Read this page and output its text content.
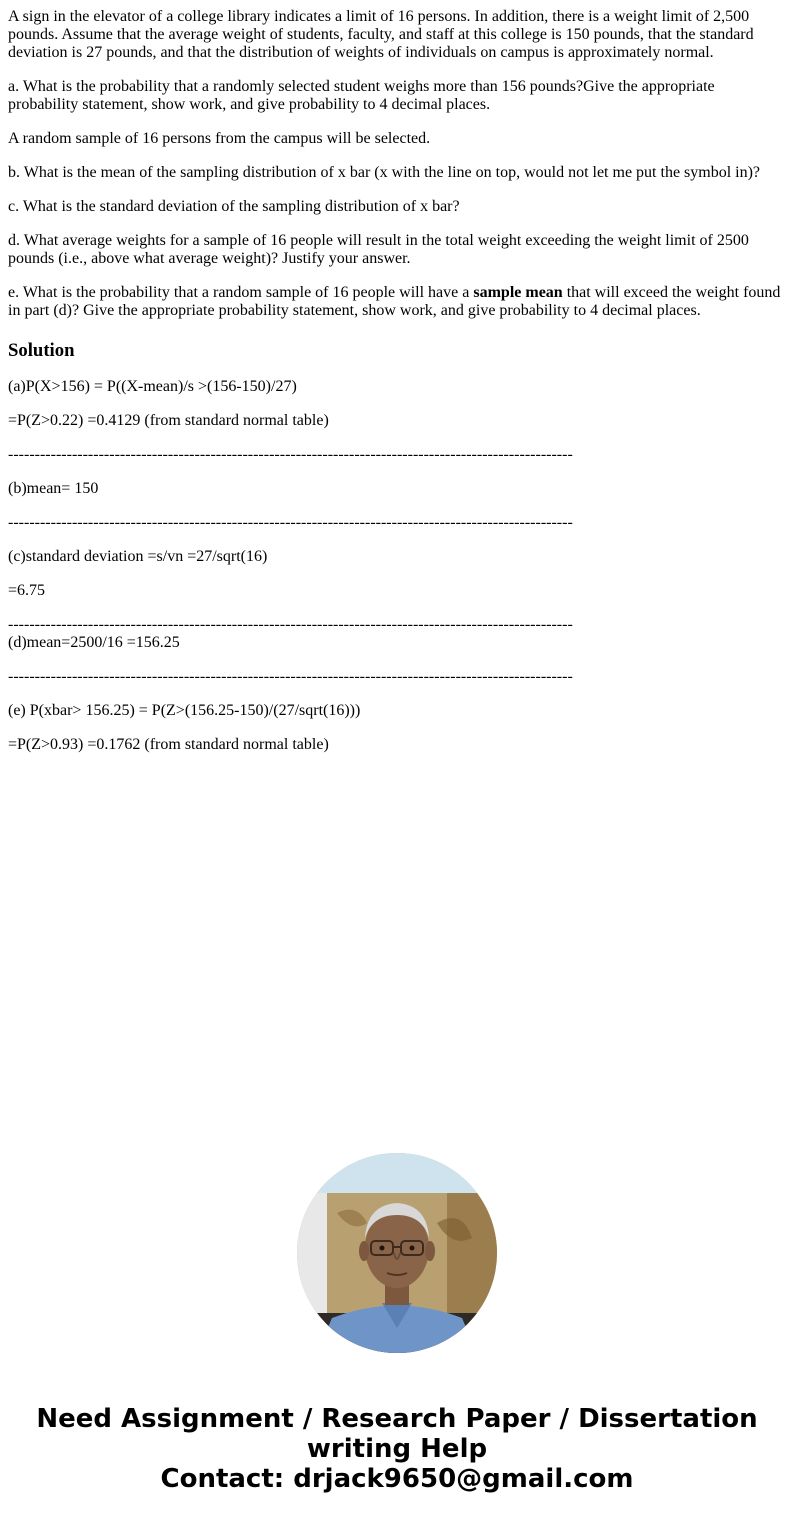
A sign in the elevator of a college library indicates a limit of 16 persons. In addition, there is a weight limit of 2,500 pounds. Assume that the average weight of students, faculty, and staff at this college is 150 pounds, that the standard deviation is 27 pounds, and that the distribution of weights of individuals on campus is approximately normal.

a. What is the probability that a randomly selected student weighs more than 156 pounds?Give the appropriate probability statement, show work, and give probability to 4 decimal places.

A random sample of 16 persons from the campus will be selected.

b. What is the mean of the sampling distribution of x bar (x with the line on top, would not let me put the symbol in)?

c. What is the standard deviation of the sampling distribution of x bar?

d. What average weights for a sample of 16 people will result in the total weight exceeding the weight limit of 2500 pounds (i.e., above what average weight)? Justify your answer.

e. What is the probability that a random sample of 16 people will have a sample mean that will exceed the weight found in part (d)? Give the appropriate probability statement, show work, and give probability to 4 decimal places.

Solution

(a)P(X>156) = P((X-mean)/s >(156-150)/27)

=P(Z>0.22) =0.4129 (from standard normal table)

----------------------------------------------------------------------------------------------------------

(b)mean= 150

----------------------------------------------------------------------------------------------------------

(c)standard deviation =s/vn =27/sqrt(16)

=6.75

----------------------------------------------------------------------------------------------------------

(d)mean=2500/16 =156.25

----------------------------------------------------------------------------------------------------------

(e) P(xbar> 156.25) = P(Z>(156.25-150)/(27/sqrt(16)))

=P(Z>0.93) =0.1762 (from standard normal table)

Need Assignment / Research Paper / Dissertation
writing Help
Contact: drjack9650@gmail.com
